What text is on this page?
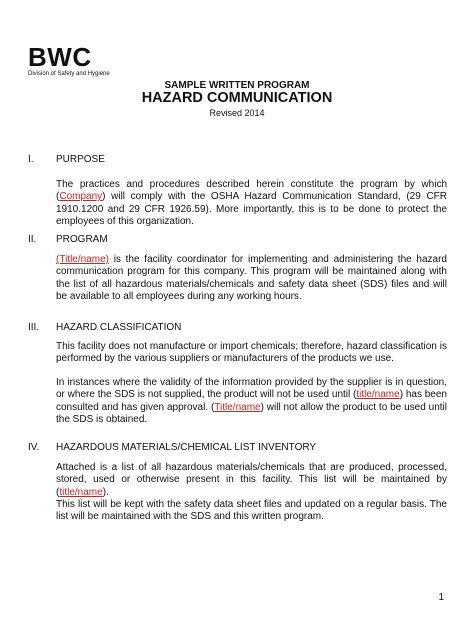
BWC
Division of Safety and Hygiene
SAMPLE WRITTEN PROGRAM
HAZARD COMMUNICATION
Revised 2014
I. PURPOSE
The practices and procedures described herein constitute the program by which (Company) will comply with the OSHA Hazard Communication Standard, (29 CFR 1910.1200 and 29 CFR 1926.59). More importantly, this is to be done to protect the employees of this organization.
II. PROGRAM
(Title/name) is the facility coordinator for implementing and administering the hazard communication program for this company. This program will be maintained along with the list of all hazardous materials/chemicals and safety data sheet (SDS) files and will be available to all employees during any working hours.
III. HAZARD CLASSIFICATION
This facility does not manufacture or import chemicals; therefore, hazard classification is performed by the various suppliers or manufacturers of the products we use.
In instances where the validity of the information provided by the supplier is in question, or where the SDS is not supplied, the product will not be used until (title/name) has been consulted and has given approval. (Title/name) will not allow the product to be used until the SDS is obtained.
IV. HAZARDOUS MATERIALS/CHEMICAL LIST INVENTORY
Attached is a list of all hazardous materials/chemicals that are produced, processed, stored, used or otherwise present in this facility. This list will be maintained by (title/name).
This list will be kept with the safety data sheet files and updated on a regular basis. The list will be maintained with the SDS and this written program.
1
